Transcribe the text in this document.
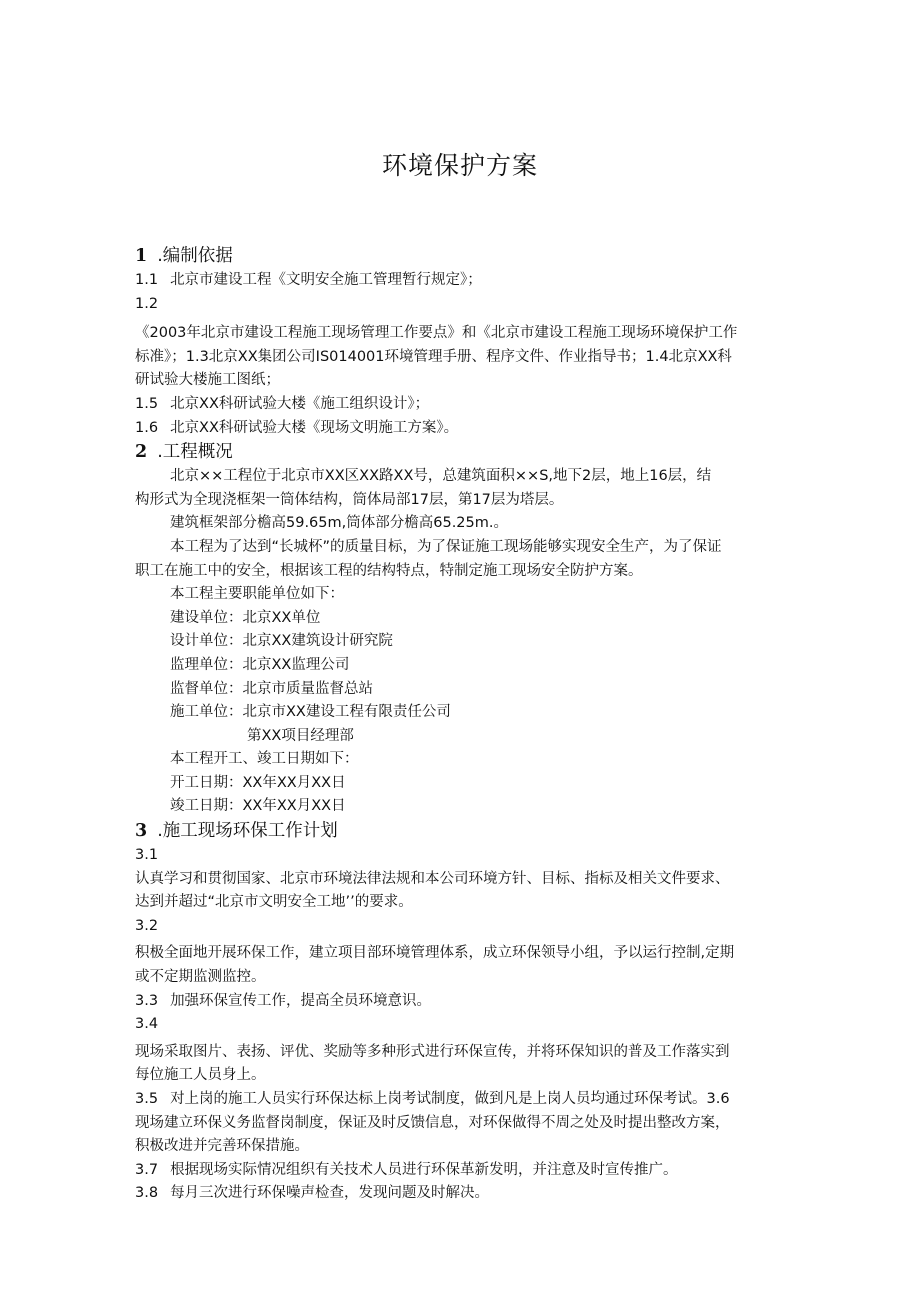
环境保护方案

1 .编制依据

1.1 北京市建设工程《文明安全施工管理暂行规定》；

1.2

《2003年北京市建设工程施工现场管理工作要点》和《北京市建设工程施工现场环境保护工作

标准》；1.3北京XX集团公司IS014001环境管理手册、程序文件、作业指导书；1.4北京XX科

研试验大楼施工图纸；

1.5 北京XX科研试验大楼《施工组织设计》；

1.6 北京XX科研试验大楼《现场文明施工方案》。

2 .工程概况

北京××工程位于北京市XX区XX路XX号，总建筑面积××S,地下2层，地上16层，结

构形式为全现浇框架一筒体结构，筒体局部17层，第17层为塔层。

建筑框架部分檐高59.65m,筒体部分檐高65.25m.。

本工程为了达到“长城杯”的质量目标，为了保证施工现场能够实现安全生产，为了保证

职工在施工中的安全，根据该工程的结构特点，特制定施工现场安全防护方案。

本工程主要职能单位如下：

建设单位：北京XX单位

设计单位：北京XX建筑设计研究院

监理单位：北京XX监理公司

监督单位：北京市质量监督总站

施工单位：北京市XX建设工程有限责任公司

第XX项目经理部

本工程开工、竣工日期如下：

开工日期：XX年XX月XX日

竣工日期：XX年XX月XX日

3 .施工现场环保工作计划

3.1

认真学习和贯彻国家、北京市环境法律法规和本公司环境方针、目标、指标及相关文件要求、

达到并超过“北京市文明安全工地’’的要求。

3.2

积极全面地开展环保工作，建立项目部环境管理体系，成立环保领导小组，予以运行控制,定期

或不定期监测监控。

3.3 加强环保宣传工作，提高全员环境意识。

3.4

现场采取图片、表扬、评优、奖励等多种形式进行环保宣传，并将环保知识的普及工作落实到

每位施工人员身上。

3.5 对上岗的施工人员实行环保达标上岗考试制度，做到凡是上岗人员均通过环保考试。3.6

现场建立环保义务监督岗制度，保证及时反馈信息，对环保做得不周之处及时提出整改方案，

积极改进并完善环保措施。

3.7 根据现场实际情况组织有关技术人员进行环保革新发明，并注意及时宣传推广。

3.8 每月三次进行环保噪声检查，发现问题及时解决。
